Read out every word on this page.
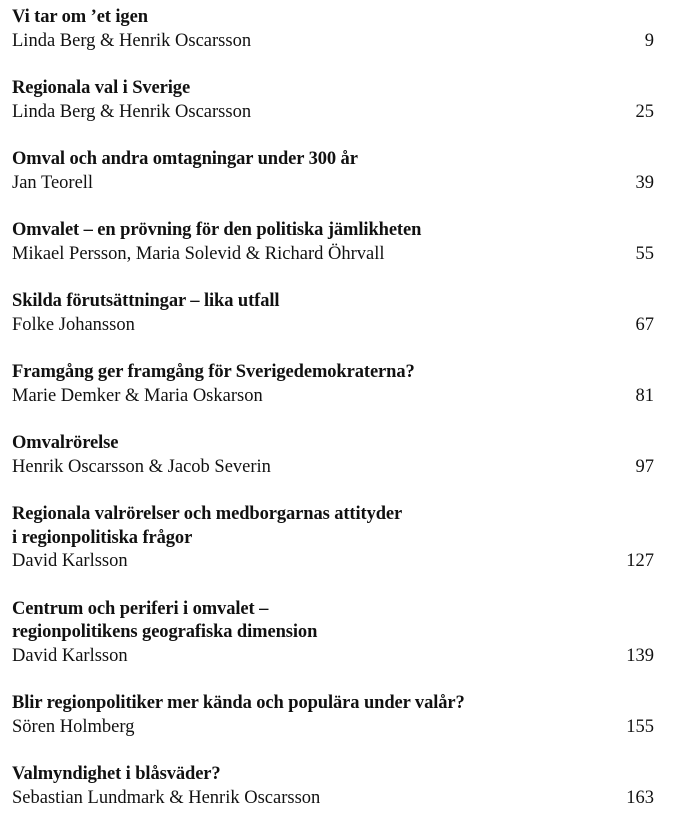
Vi tar om ’et igen
Linda Berg & Henrik Oscarsson	9
Regionala val i Sverige
Linda Berg & Henrik Oscarsson	25
Omval och andra omtagningar under 300 år
Jan Teorell	39
Omvalet – en prövning för den politiska jämlikheten
Mikael Persson, Maria Solevid & Richard Öhrvall	55
Skilda förutsättningar – lika utfall
Folke Johansson	67
Framgång ger framgång för Sverigedemokraterna?
Marie Demker & Maria Oskarson	81
Omvalrörelse
Henrik Oscarsson & Jacob Severin	97
Regionala valrörelser och medborgarnas attityder
i regionpolitiska frågor
David Karlsson	127
Centrum och periferi i omvalet –
regionpolitikens geografiska dimension
David Karlsson	139
Blir regionpolitiker mer kända och populära under valår?
Sören Holmberg	155
Valmyndighet i blåsväder?
Sebastian Lundmark & Henrik Oscarsson	163
